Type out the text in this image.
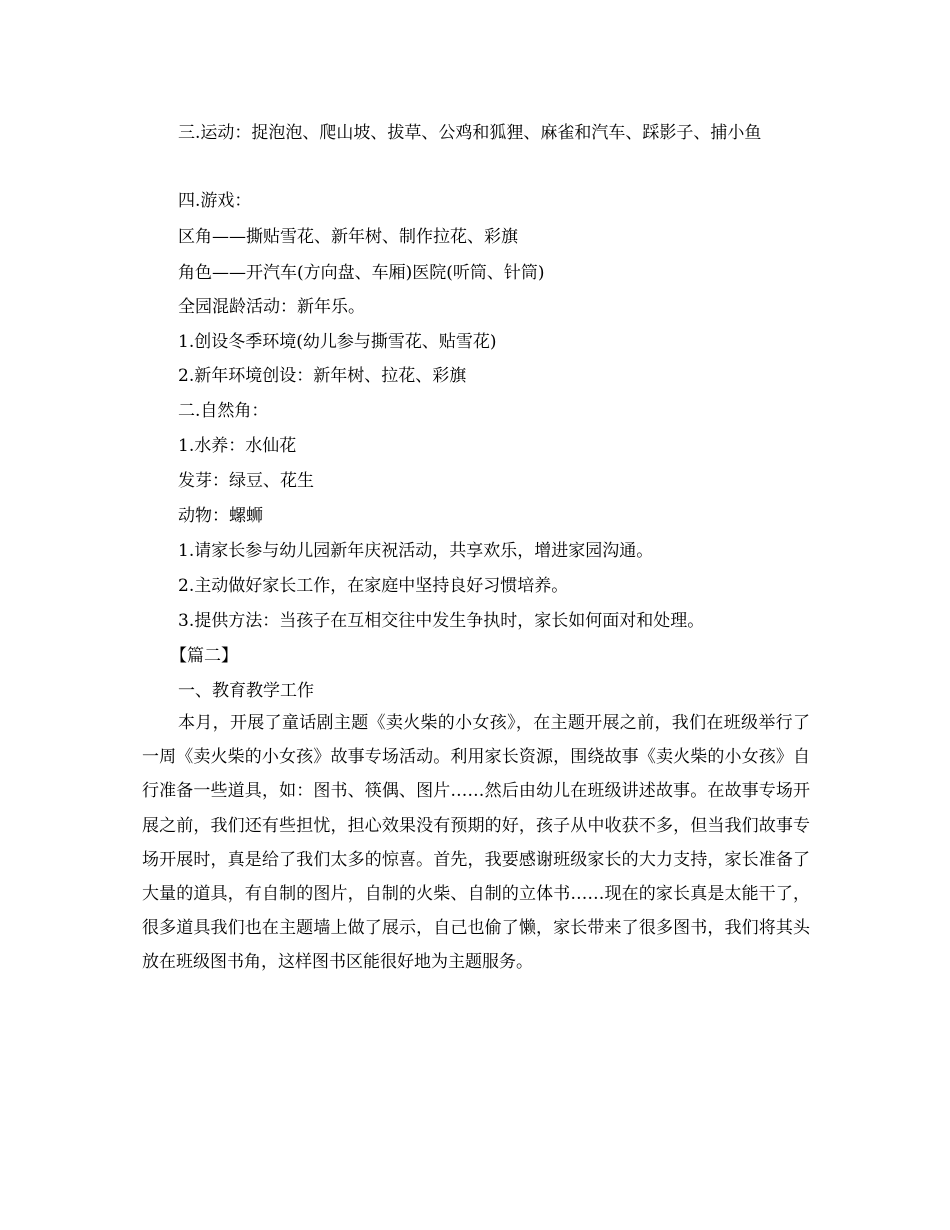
三.运动：捉泡泡、爬山坡、拔草、公鸡和狐狸、麻雀和汽车、踩影子、捕小鱼
四.游戏：
区角——撕贴雪花、新年树、制作拉花、彩旗
角色——开汽车(方向盘、车厢)医院(听筒、针筒)
全园混龄活动：新年乐。
1.创设冬季环境(幼儿参与撕雪花、贴雪花)
2.新年环境创设：新年树、拉花、彩旗
二.自然角：
1.水养：水仙花
发芽：绿豆、花生
动物：螺蛳
1.请家长参与幼儿园新年庆祝活动，共享欢乐，增进家园沟通。
2.主动做好家长工作，在家庭中坚持良好习惯培养。
3.提供方法：当孩子在互相交往中发生争执时，家长如何面对和处理。
【篇二】
一、教育教学工作
本月，开展了童话剧主题《卖火柴的小女孩》，在主题开展之前，我们在班级举行了一周《卖火柴的小女孩》故事专场活动。利用家长资源，围绕故事《卖火柴的小女孩》自行准备一些道具，如：图书、筷偶、图片……然后由幼儿在班级讲述故事。在故事专场开展之前，我们还有些担忧，担心效果没有预期的好，孩子从中收获不多，但当我们故事专场开展时，真是给了我们太多的惊喜。首先，我要感谢班级家长的大力支持，家长准备了大量的道具，有自制的图片，自制的火柴、自制的立体书……现在的家长真是太能干了，很多道具我们也在主题墙上做了展示，自己也偷了懒，家长带来了很多图书，我们将其头放在班级图书角，这样图书区能很好地为主题服务。
